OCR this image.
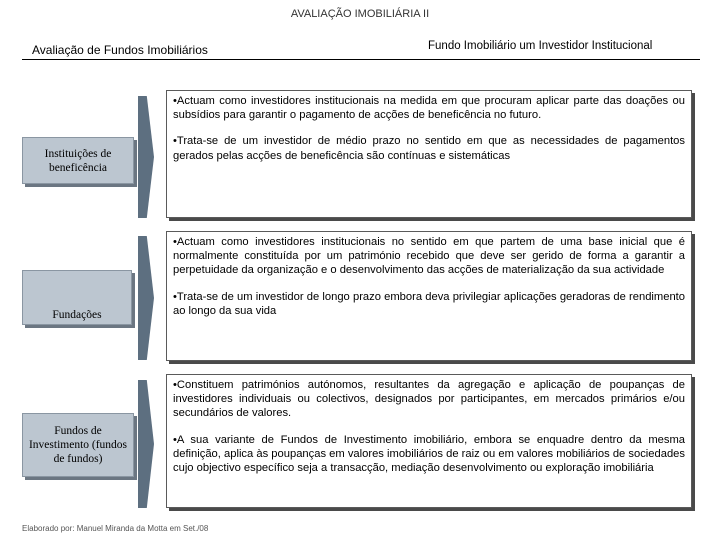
AVALIAÇÃO IMOBILIÁRIA II
Avaliação de Fundos Imobiliários	Fundo Imobiliário um Investidor Institucional
Instituições de beneficência

•Actuam como investidores institucionais na medida em que procuram aplicar parte das doações ou subsídios para garantir o pagamento de acções de beneficência no futuro.

•Trata-se de um investidor de médio prazo no sentido em que as necessidades de pagamentos gerados pelas acções de beneficência são contínuas e sistemáticas

Fundações

•Actuam como investidores institucionais no sentido em que partem de uma base inicial que é normalmente constituída por um património recebido que deve ser gerido de forma a garantir a perpetuidade da organização e o desenvolvimento das acções de materialização da sua actividade

•Trata-se de um investidor de longo prazo embora deva privilegiar aplicações geradoras de rendimento ao longo da sua vida

Fundos de Investimento (fundos de fundos)

•Constituem patrimónios autónomos, resultantes da agregação e aplicação de poupanças de investidores individuais ou colectivos, designados por participantes, em mercados primários e/ou secundários de valores.

•A sua variante de Fundos de Investimento imobiliário, embora se enquadre dentro da mesma definição, aplica às poupanças em valores imobiliários de raiz ou em valores mobiliários de sociedades cujo objectivo específico seja a transacção, mediação desenvolvimento ou exploração imobiliária

Elaborado por: Manuel Miranda da Motta em Set./08
